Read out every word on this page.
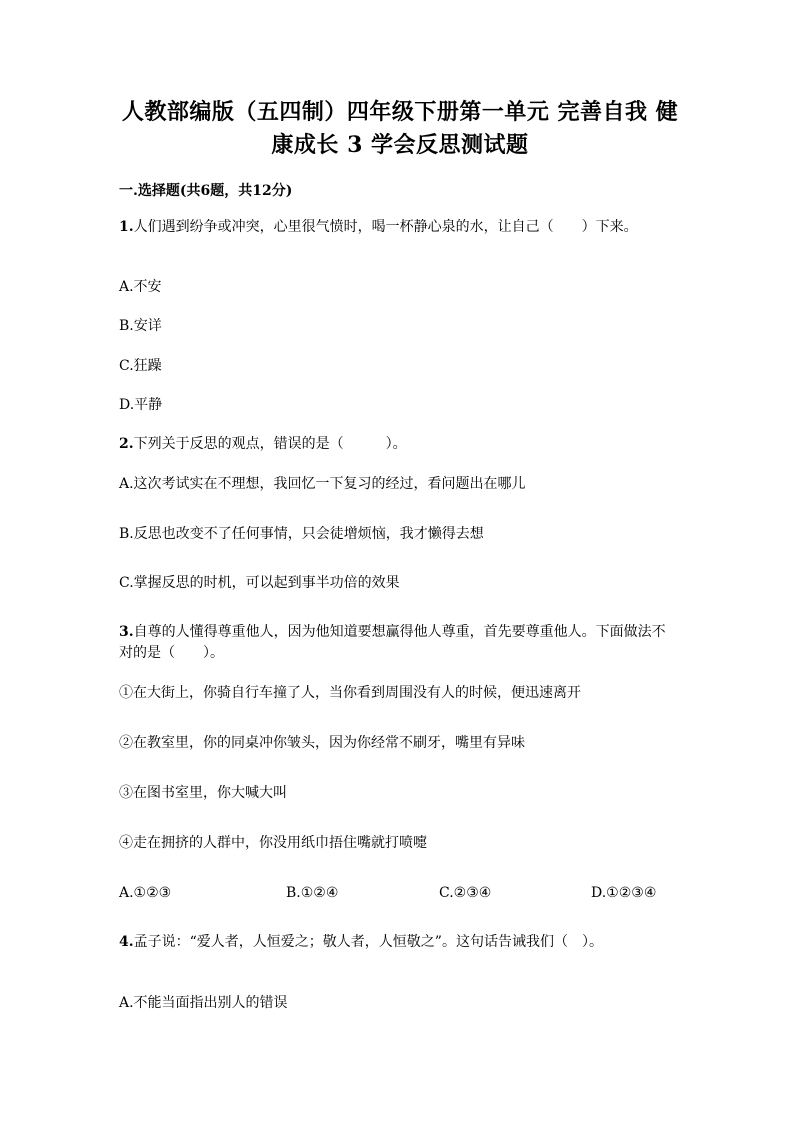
人教部编版（五四制）四年级下册第一单元 完善自我 健康成长 3 学会反思测试题
一.选择题(共6题，共12分)
1.人们遇到纷争或冲突，心里很气愤时，喝一杯静心泉的水，让自己（　　）下来。
A.不安
B.安详
C.狂躁
D.平静
2.下列关于反思的观点，错误的是（　　　）。
A.这次考试实在不理想，我回忆一下复习的经过，看问题出在哪儿
B.反思也改变不了任何事情，只会徒增烦恼，我才懒得去想
C.掌握反思的时机，可以起到事半功倍的效果
3.自尊的人懂得尊重他人，因为他知道要想赢得他人尊重，首先要尊重他人。下面做法不对的是（　　）。
①在大街上，你骑自行车撞了人，当你看到周围没有人的时候，便迅速离开
②在教室里，你的同桌冲你皱头，因为你经常不刷牙，嘴里有异味
③在图书室里，你大喊大叫
④走在拥挤的人群中，你没用纸巾捂住嘴就打喷嚏
A.①②③	B.①②④	C.②③④	D.①②③④
4.孟子说：“爱人者，人恒爱之；敬人者，人恒敬之”。这句话告诫我们（　）。
A.不能当面指出别人的错误
